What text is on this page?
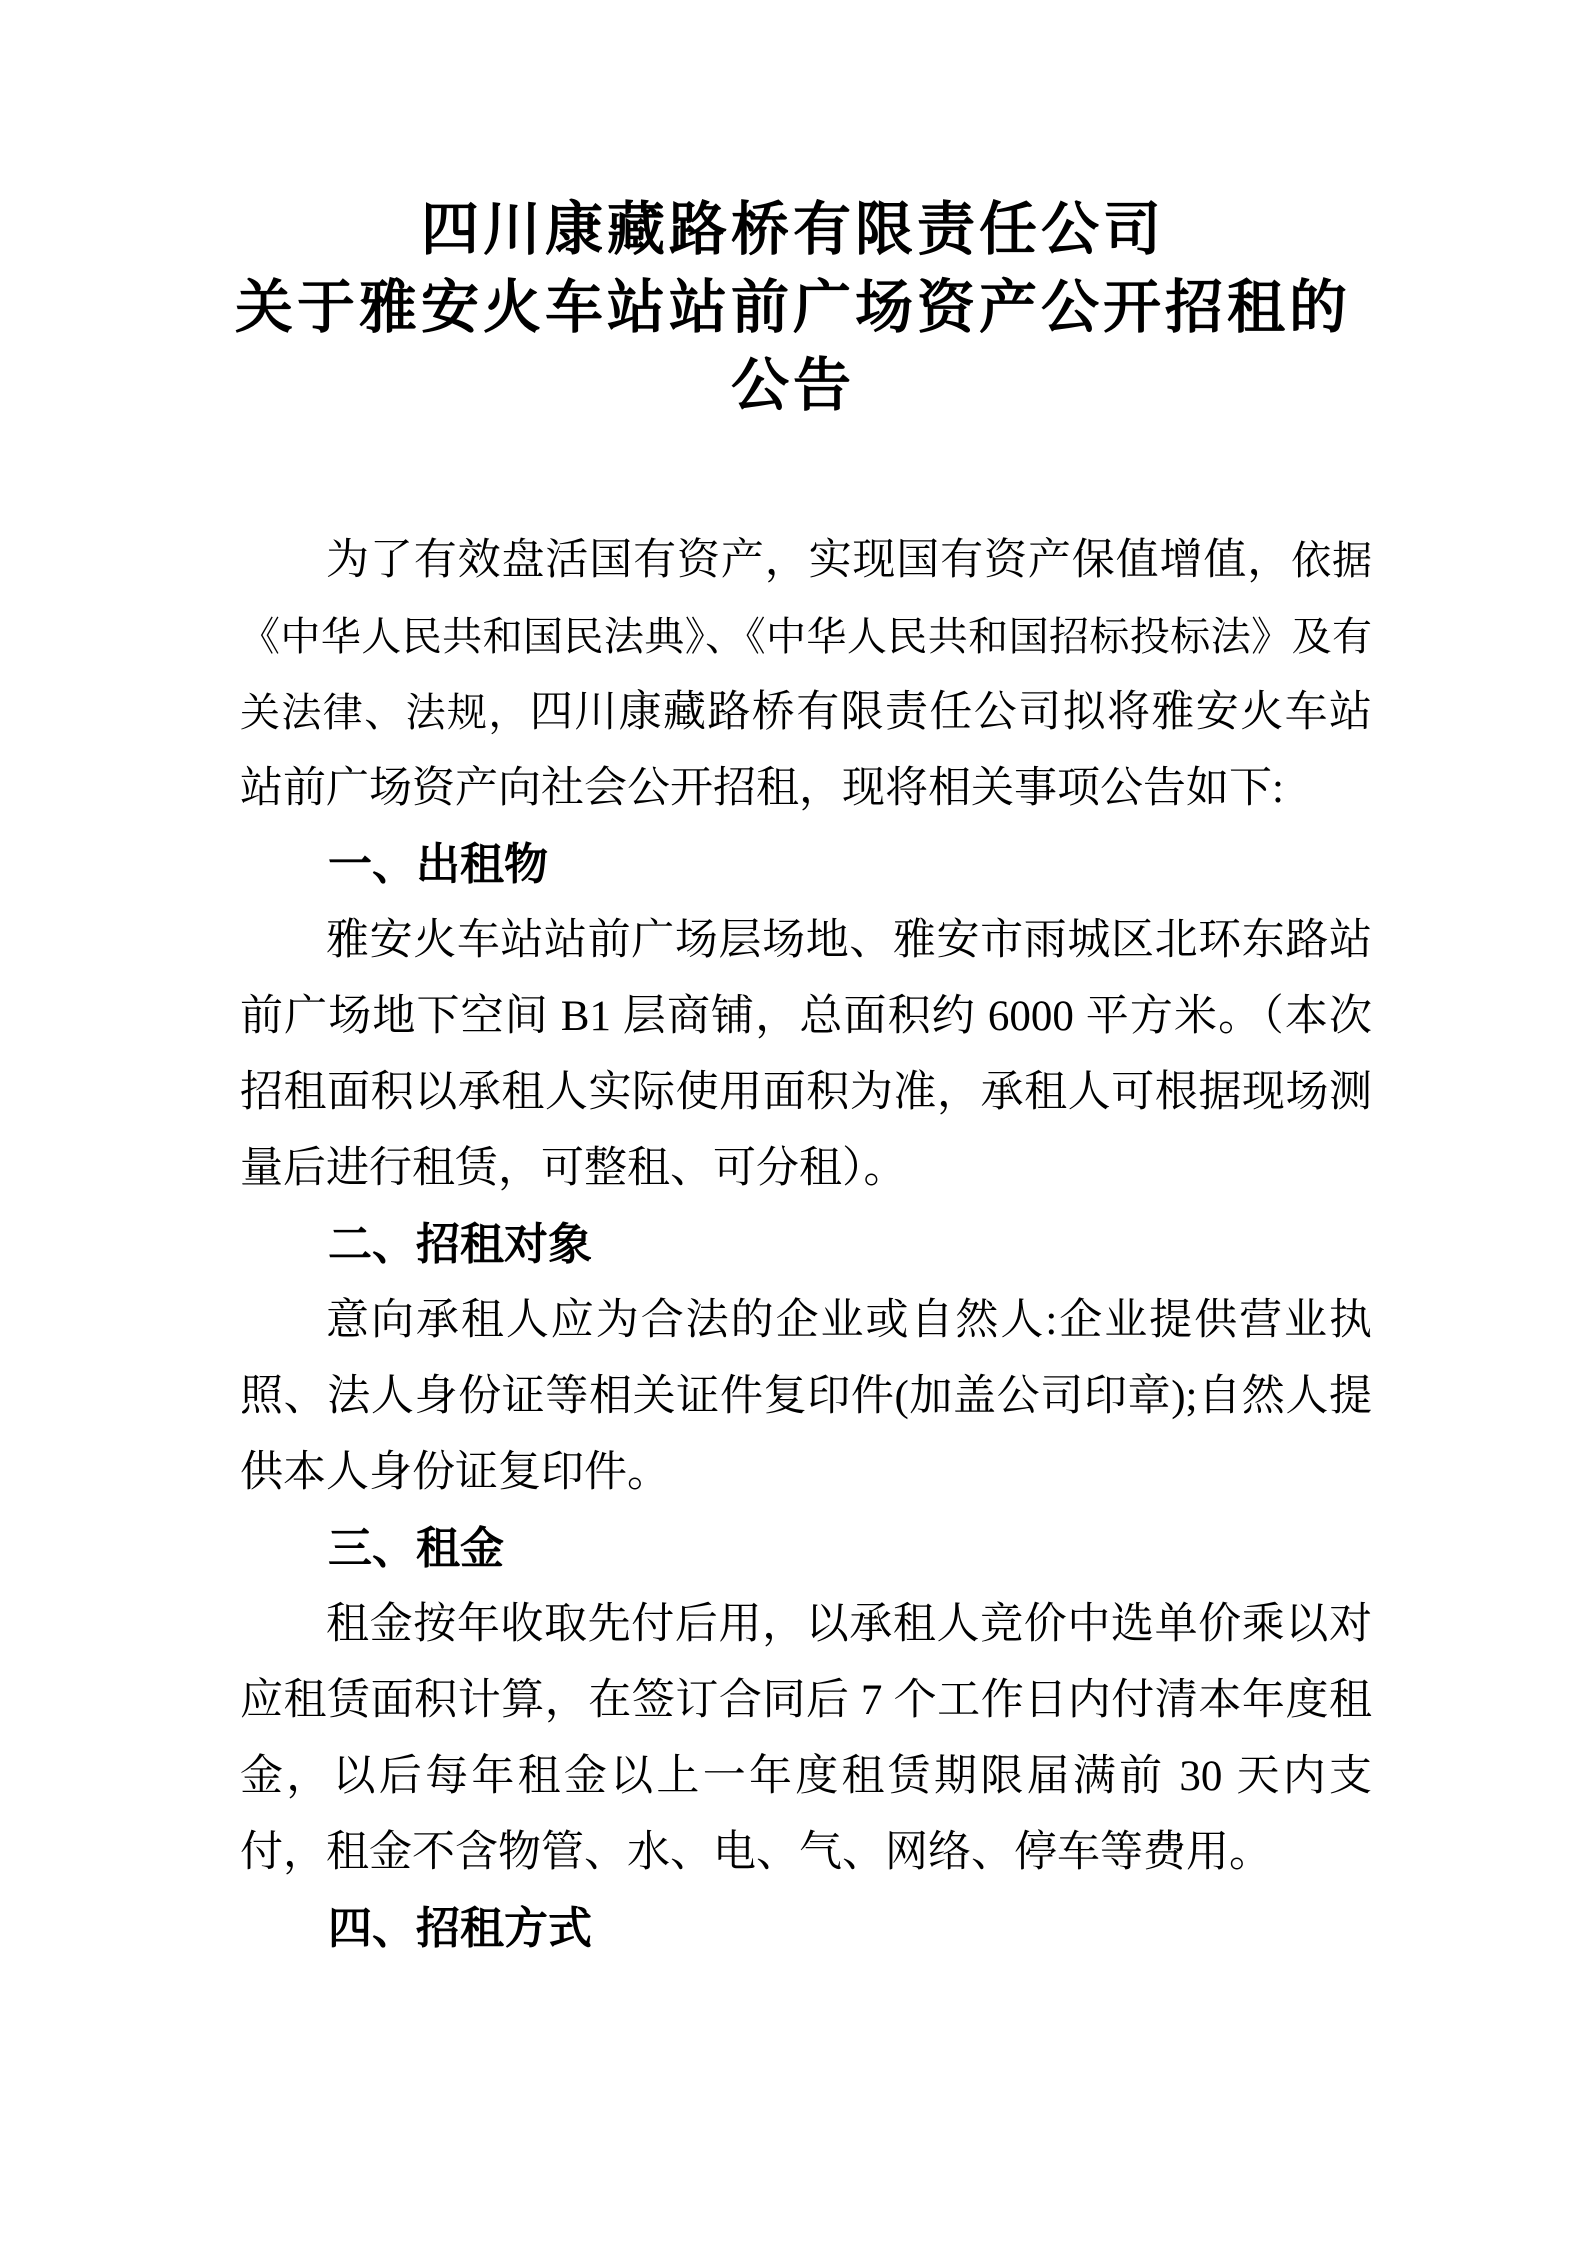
四川康藏路桥有限责任公司
关于雅安火车站站前广场资产公开招租的
公告

为了有效盘活国有资产，实现国有资产保值增值，依据《中华人民共和国民法典》、《中华人民共和国招标投标法》及有关法律、法规，四川康藏路桥有限责任公司拟将雅安火车站站前广场资产向社会公开招租，现将相关事项公告如下:

一、出租物

雅安火车站站前广场层场地、雅安市雨城区北环东路站前广场地下空间 B1 层商铺，总面积约 6000 平方米。（本次招租面积以承租人实际使用面积为准，承租人可根据现场测量后进行租赁，可整租、可分租）。

二、招租对象

意向承租人应为合法的企业或自然人:企业提供营业执照、法人身份证等相关证件复印件(加盖公司印章);自然人提供本人身份证复印件。

三、租金

租金按年收取先付后用，以承租人竞价中选单价乘以对应租赁面积计算，在签订合同后 7 个工作日内付清本年度租金，以后每年租金以上一年度租赁期限届满前 30 天内支付，租金不含物管、水、电、气、网络、停车等费用。

四、招租方式
